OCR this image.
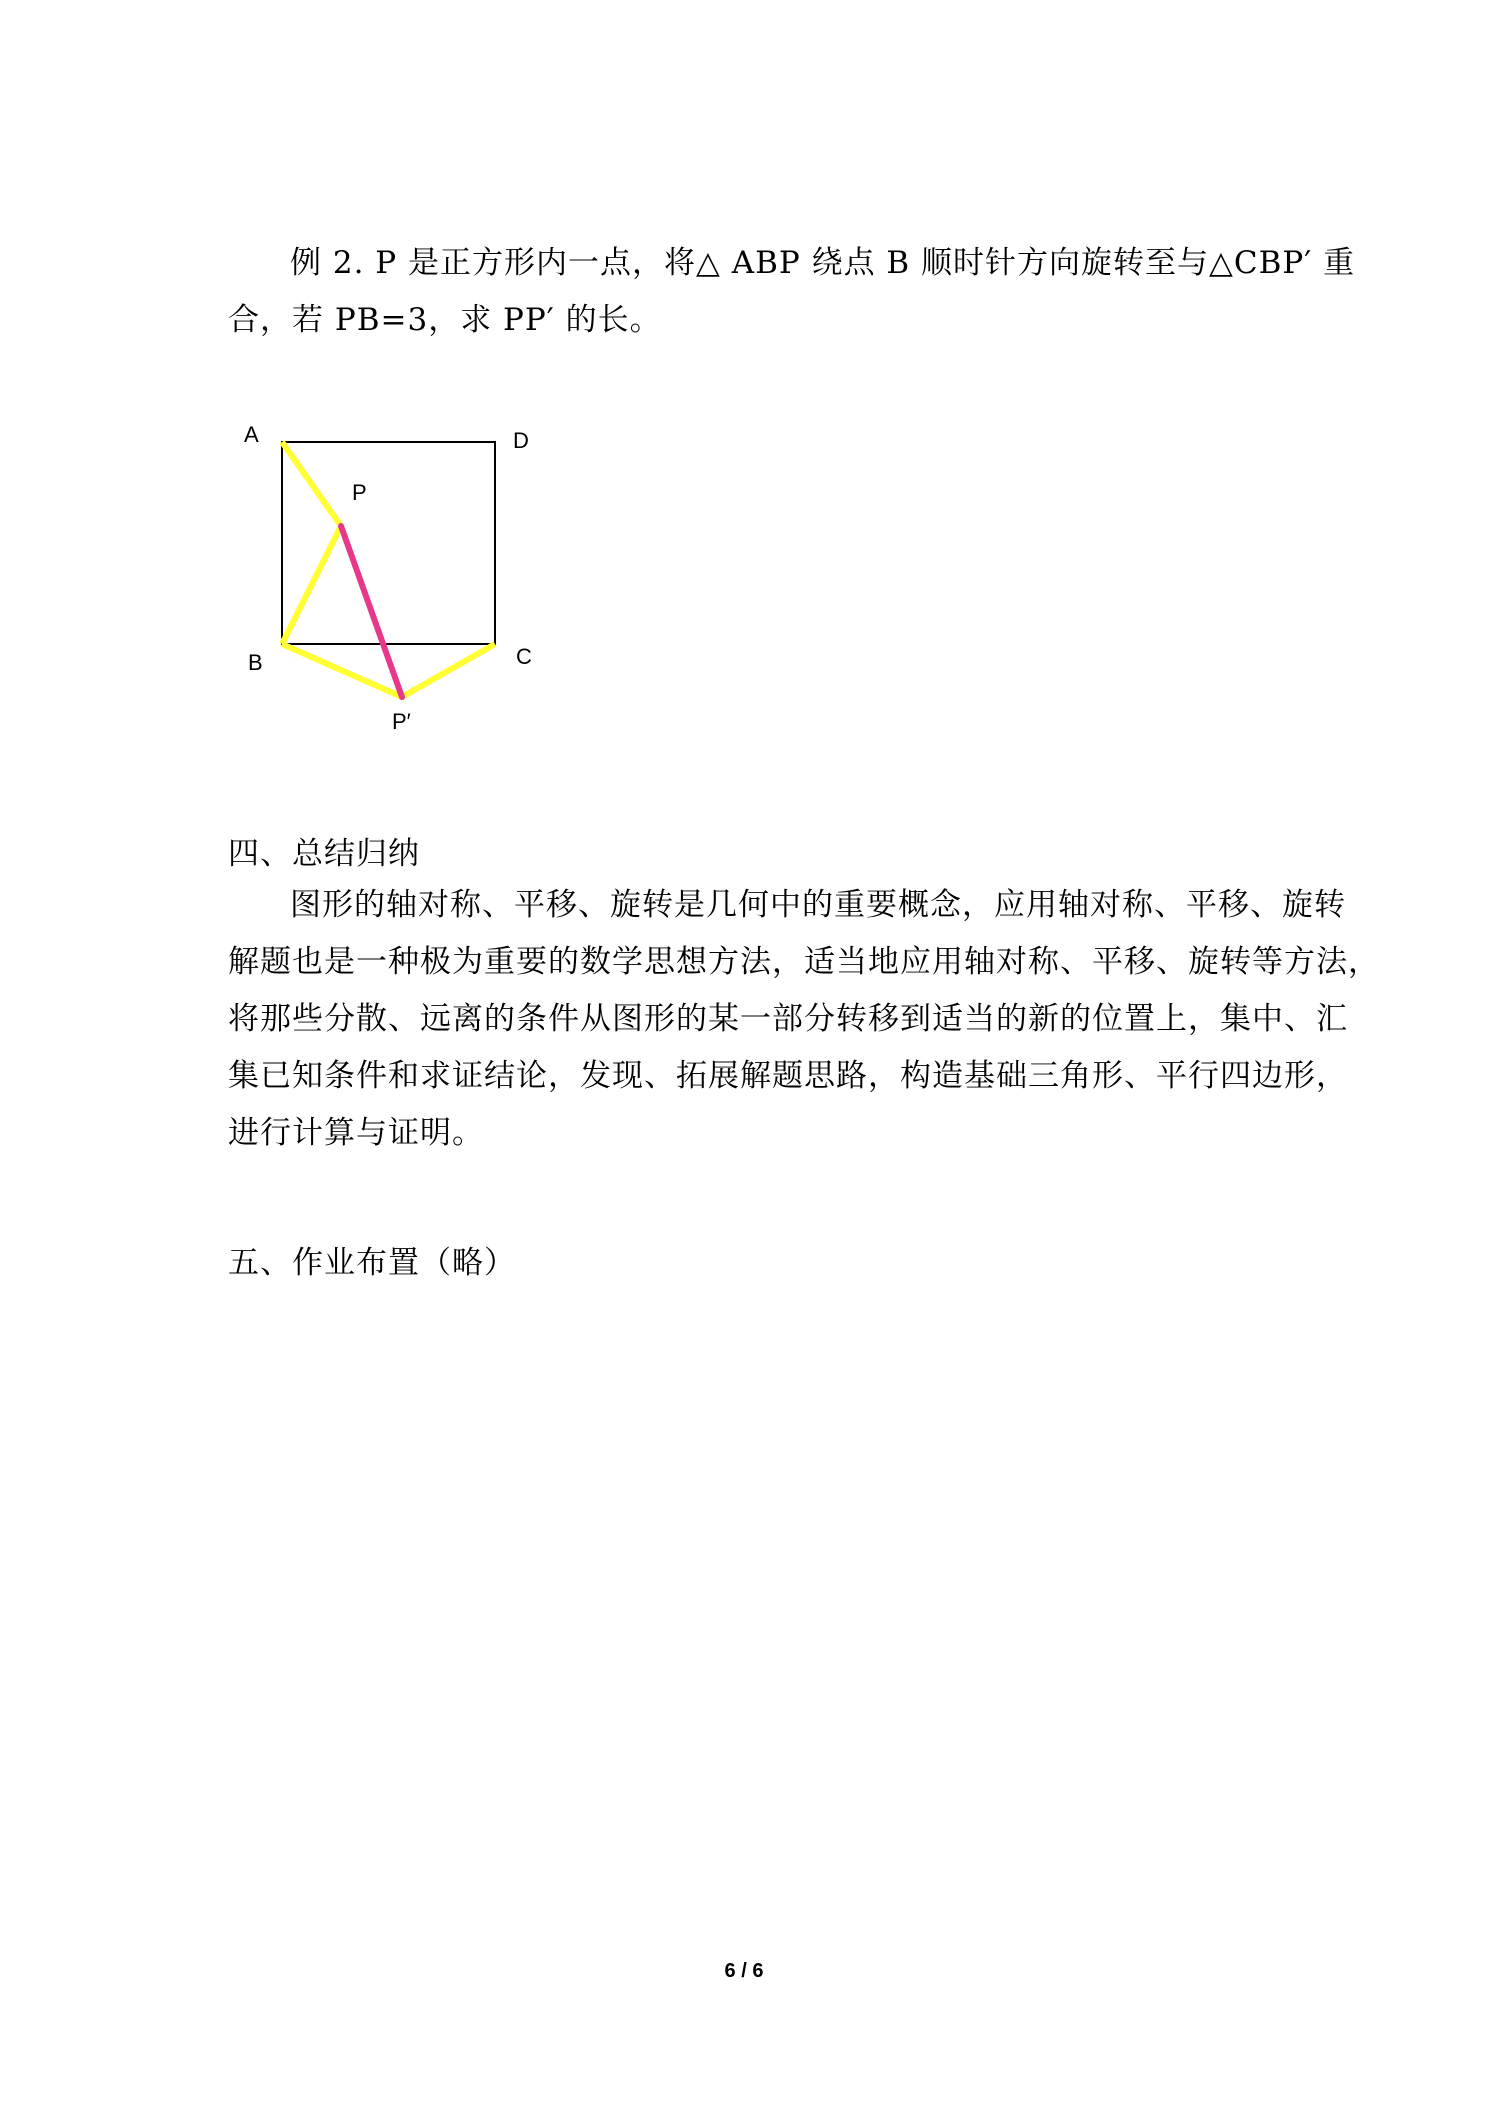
例 2. P 是正方形内一点，将△ ABP 绕点 B 顺时针方向旋转至与△CBP′ 重
合，若 PB=3，求 PP′ 的长。

A	D
P
B	C
P′

四、总结归纳

图形的轴对称、平移、旋转是几何中的重要概念，应用轴对称、平移、旋转
解题也是一种极为重要的数学思想方法，适当地应用轴对称、平移、旋转等方法，
将那些分散、远离的条件从图形的某一部分转移到适当的新的位置上，集中、汇
集已知条件和求证结论，发现、拓展解题思路，构造基础三角形、平行四边形，
进行计算与证明。

五、作业布置（略）

6 / 6
